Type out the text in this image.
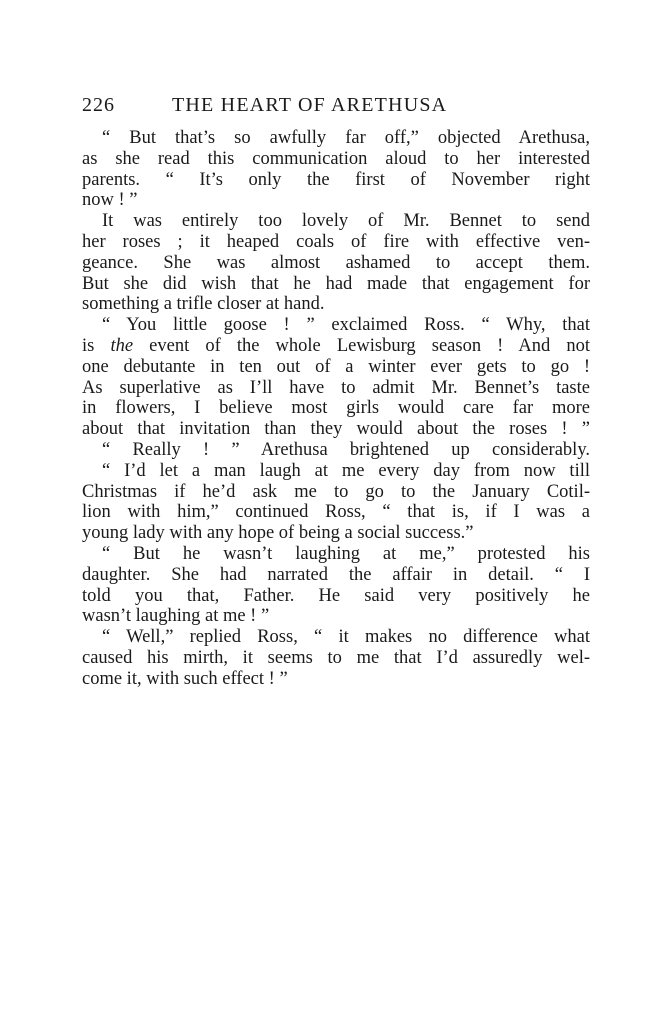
226	THE HEART OF ARETHUSA
“ But that’s so awfully far off,” objected Arethusa,
as she read this communication aloud to her interested
parents. “ It’s only the first of November right
now ! ”
It was entirely too lovely of Mr. Bennet to send
her roses ; it heaped coals of fire with effective ven-
geance. She was almost ashamed to accept them.
But she did wish that he had made that engagement for
something a trifle closer at hand.
“ You little goose ! ” exclaimed Ross. “ Why, that
is the event of the whole Lewisburg season ! And not
one debutante in ten out of a winter ever gets to go !
As superlative as I’ll have to admit Mr. Bennet’s taste
in flowers, I believe most girls would care far more
about that invitation than they would about the roses ! ”
“ Really ! ” Arethusa brightened up considerably.
“ I’d let a man laugh at me every day from now till
Christmas if he’d ask me to go to the January Cotil-
lion with him,” continued Ross, “ that is, if I was a
young lady with any hope of being a social success.”
“ But he wasn’t laughing at me,” protested his
daughter. She had narrated the affair in detail. “ I
told you that, Father. He said very positively he
wasn’t laughing at me ! ”
“ Well,” replied Ross, “ it makes no difference what
caused his mirth, it seems to me that I’d assuredly wel-
come it, with such effect ! ”
